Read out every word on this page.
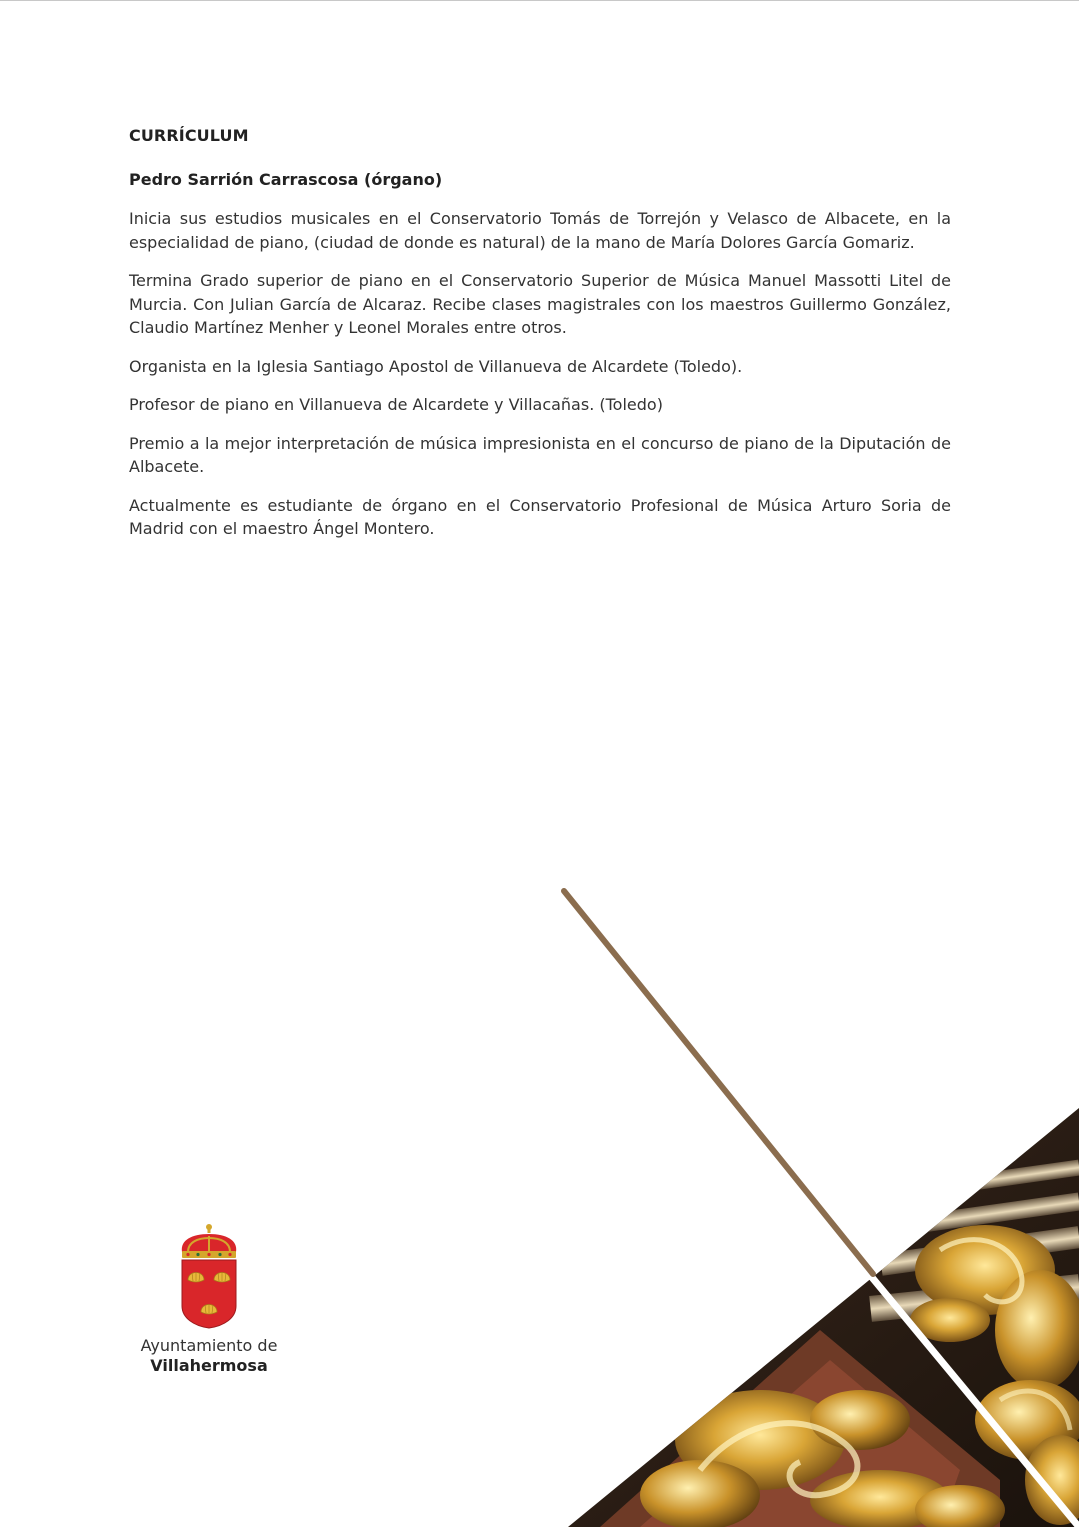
CURRÍCULUM
Pedro Sarrión Carrascosa (órgano)

Inicia sus estudios musicales en el Conservatorio Tomás de Torrejón y Velasco de Albacete, en la especialidad de piano, (ciudad de donde es natural) de la mano de María Dolores García Gomariz.

Termina Grado superior de piano en el Conservatorio Superior de Música Manuel Massotti Litel de Murcia. Con Julian García de Alcaraz. Recibe clases magistrales con los maestros Guillermo González, Claudio Martínez Menher y Leonel Morales entre otros.

Organista en la Iglesia Santiago Apostol de Villanueva de Alcardete (Toledo).

Profesor de piano en Villanueva de Alcardete y Villacañas. (Toledo)

Premio a la mejor interpretación de música impresionista en el concurso de piano de la Diputación de Albacete.

Actualmente es estudiante de órgano en el Conservatorio Profesional de Música Arturo Soria de Madrid con el maestro Ángel Montero.

Ayuntamiento de
Villahermosa
